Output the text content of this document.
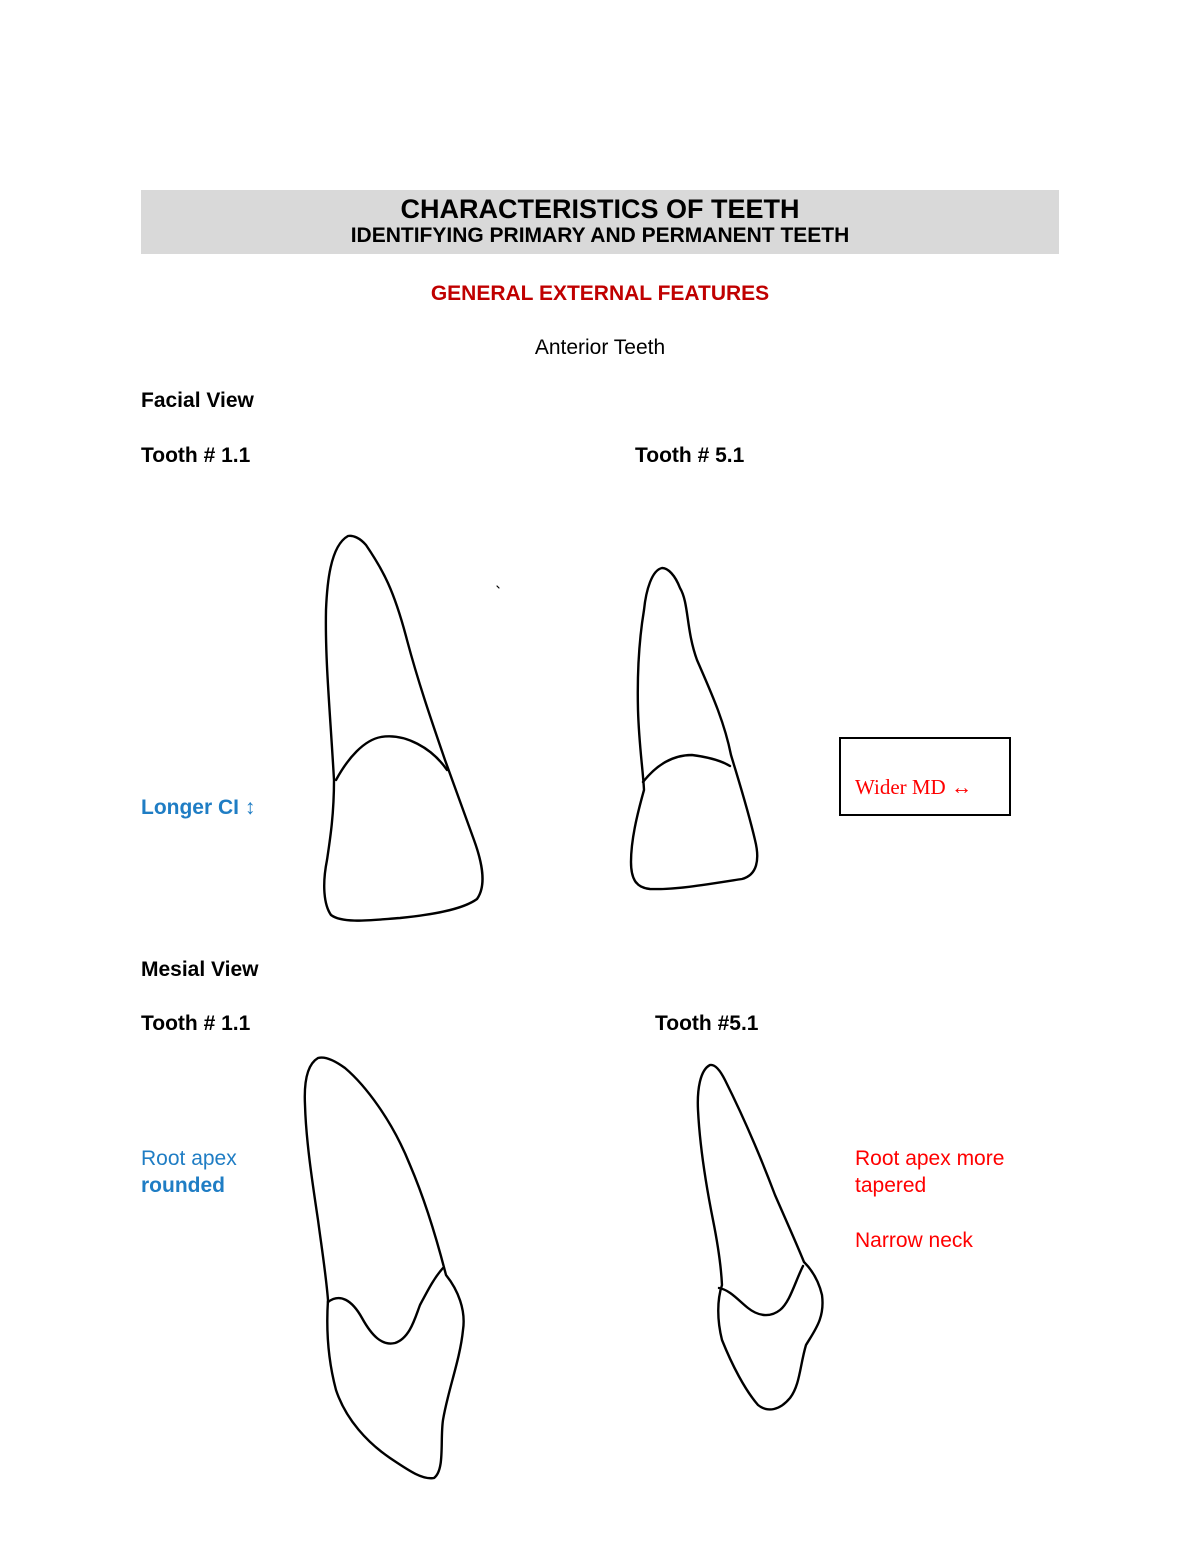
CHARACTERISTICS OF TEETH
IDENTIFYING PRIMARY AND PERMANENT TEETH
GENERAL EXTERNAL FEATURES
Anterior Teeth
Facial View
Tooth # 1.1	Tooth # 5.1
Longer CI ↕
Wider MD ↔
Mesial View
Tooth # 1.1	Tooth #5.1
Root apex
rounded
Root apex more
tapered
Narrow neck
